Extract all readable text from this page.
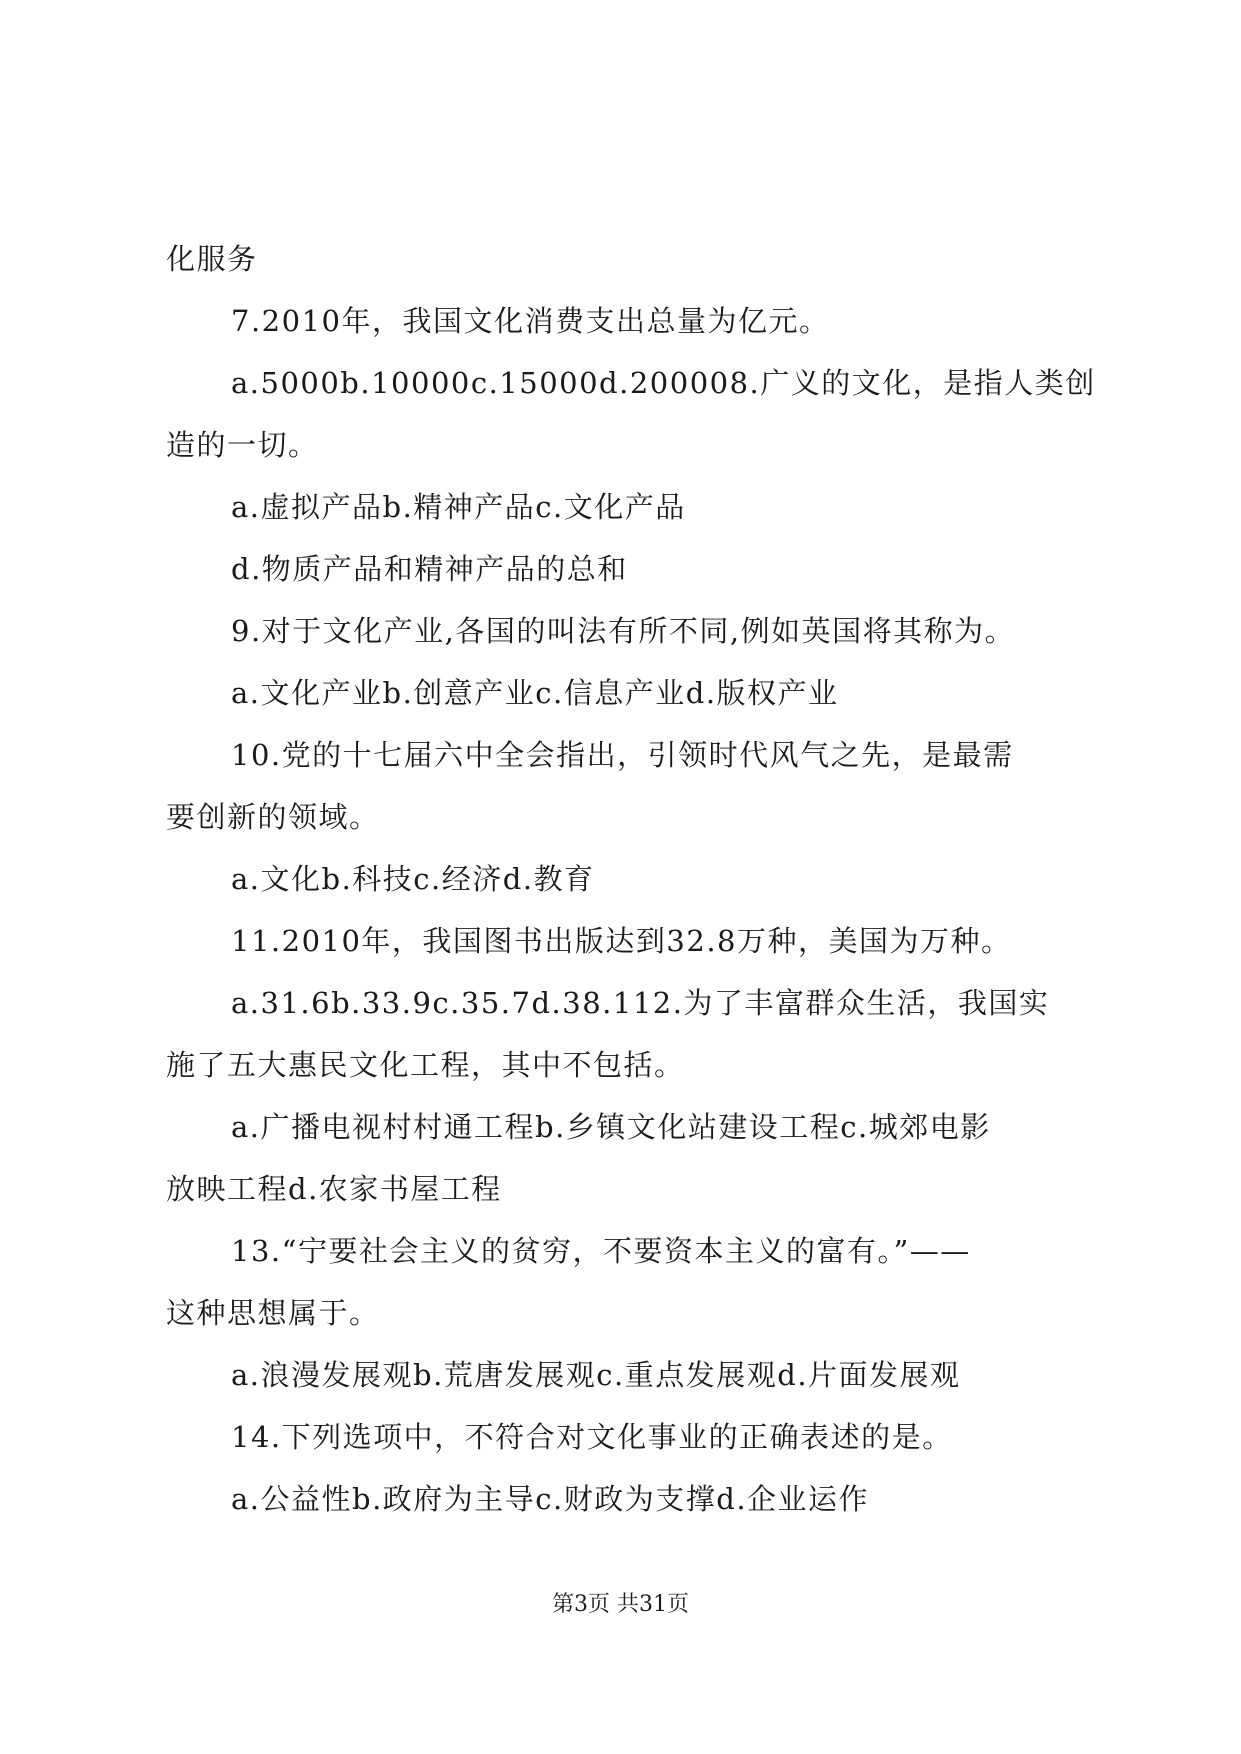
化服务
7.2010年，我国文化消费支出总量为亿元。
a.5000b.10000c.15000d.200008.广义的文化，是指人类创
造的一切。
a.虚拟产品b.精神产品c.文化产品
d.物质产品和精神产品的总和
9.对于文化产业,各国的叫法有所不同,例如英国将其称为。
a.文化产业b.创意产业c.信息产业d.版权产业
10.党的十七届六中全会指出，引领时代风气之先，是最需
要创新的领域。
a.文化b.科技c.经济d.教育
11.2010年，我国图书出版达到32.8万种，美国为万种。
a.31.6b.33.9c.35.7d.38.112.为了丰富群众生活，我国实
施了五大惠民文化工程，其中不包括。
a.广播电视村村通工程b.乡镇文化站建设工程c.城郊电影
放映工程d.农家书屋工程
13.“宁要社会主义的贫穷，不要资本主义的富有。”——
这种思想属于。
a.浪漫发展观b.荒唐发展观c.重点发展观d.片面发展观
14.下列选项中，不符合对文化事业的正确表述的是。
a.公益性b.政府为主导c.财政为支撑d.企业运作
第3页 共31页
